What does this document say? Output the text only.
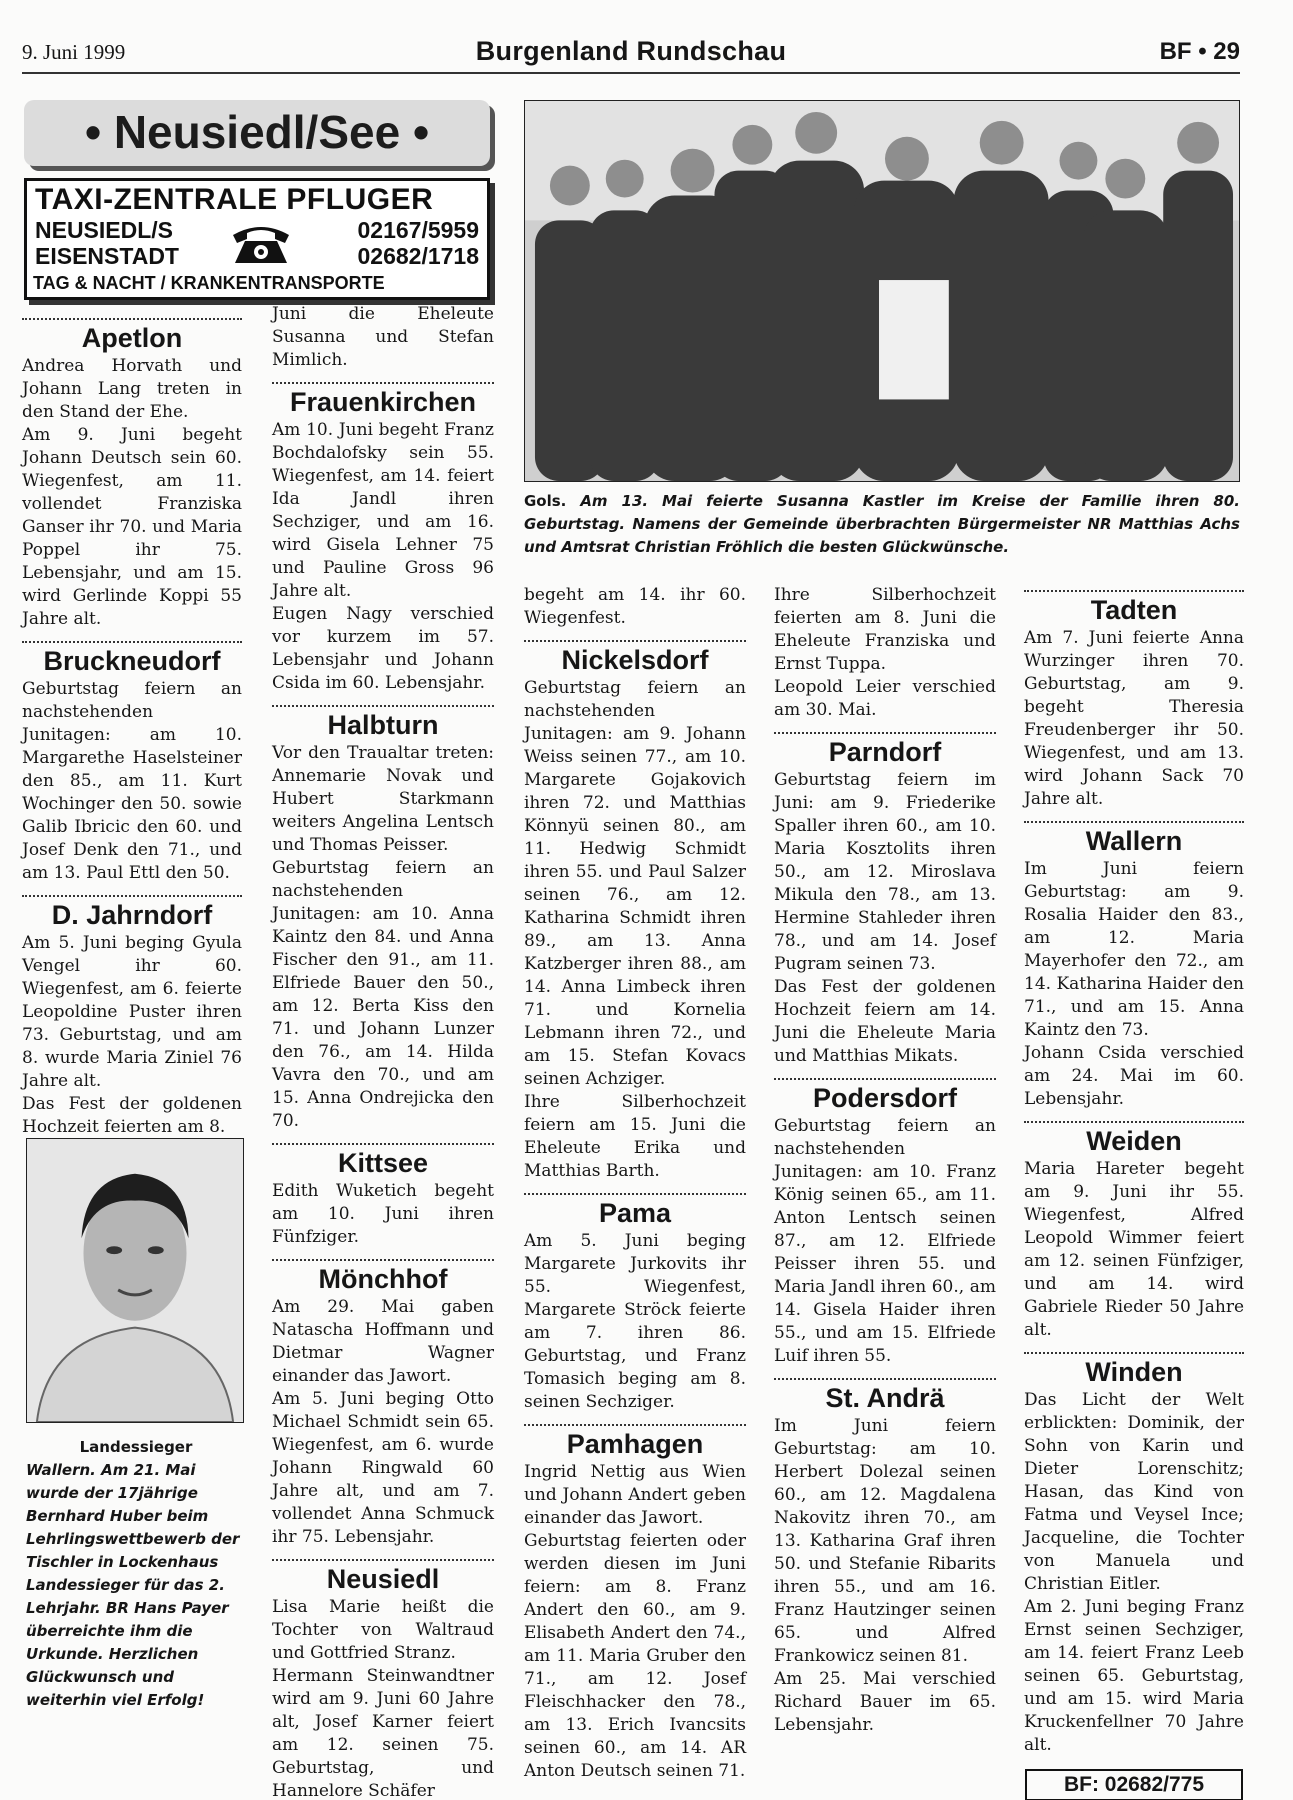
9. Juni 1999	Burgenland Rundschau	BF • 29
• Neusiedl/See •
TAXI-ZENTRALE PFLUGER
NEUSIEDL/S	02167/5959
EISENSTADT	02682/1718
TAG & NACHT / KRANKENTRANSPORTE

Gols. Am 13. Mai feierte Susanna Kastler im Kreise der Familie ihren 80. Geburtstag. Namens der Gemeinde überbrachten Bürgermeister NR Matthias Achs und Amtsrat Christian Fröhlich die besten Glückwünsche.

Landessieger
Wallern. Am 21. Mai wurde der 17jährige Bernhard Huber beim Lehrlingswettbewerb der Tischler in Lockenhaus Landessieger für das 2. Lehrjahr. BR Hans Payer überreichte ihm die Urkunde. Herzlichen Glückwunsch und weiterhin viel Erfolg!
Apetlon

Andrea Horvath und Johann Lang treten in den Stand der Ehe.

Am 9. Juni begeht Johann Deutsch sein 60. Wiegenfest, am 11. vollendet Franziska Ganser ihr 70. und Maria Poppel ihr 75. Lebensjahr, und am 15. wird Gerlinde Koppi 55 Jahre alt.

Bruckneudorf

Geburtstag feiern an nachstehenden Junitagen: am 10. Margarethe Haselsteiner den 85., am 11. Kurt Wochinger den 50. sowie Galib Ibricic den 60. und Josef Denk den 71., und am 13. Paul Ettl den 50.

D. Jahrndorf

Am 5. Juni beging Gyula Vengel ihr 60. Wiegenfest, am 6. feierte Leopoldine Puster ihren 73. Geburtstag, und am 8. wurde Maria Ziniel 76 Jahre alt.

Das Fest der goldenen Hochzeit feierten am 8.

Juni die Eheleute Susanna und Stefan Mimlich.

Frauenkirchen

Am 10. Juni begeht Franz Bochdalofsky sein 55. Wiegenfest, am 14. feiert Ida Jandl ihren Sechziger, und am 16. wird Gisela Lehner 75 und Pauline Gross 96 Jahre alt.

Eugen Nagy verschied vor kurzem im 57. Lebensjahr und Johann Csida im 60. Lebensjahr.

Halbturn

Vor den Traualtar treten: Annemarie Novak und Hubert Starkmann weiters Angelina Lentsch und Thomas Peisser.

Geburtstag feiern an nachstehenden Junitagen: am 10. Anna Kaintz den 84. und Anna Fischer den 91., am 11. Elfriede Bauer den 50., am 12. Berta Kiss den 71. und Johann Lunzer den 76., am 14. Hilda Vavra den 70., und am 15. Anna Ondrejicka den 70.

Kittsee

Edith Wuketich begeht am 10. Juni ihren Fünfziger.

Mönchhof

Am 29. Mai gaben Natascha Hoffmann und Dietmar Wagner einander das Jawort.

Am 5. Juni beging Otto Michael Schmidt sein 65. Wiegenfest, am 6. wurde Johann Ringwald 60 Jahre alt, und am 7. vollendet Anna Schmuck ihr 75. Lebensjahr.

Neusiedl

Lisa Marie heißt die Tochter von Waltraud und Gottfried Stranz.

Hermann Steinwandtner wird am 9. Juni 60 Jahre alt, Josef Karner feiert am 12. seinen 75. Geburtstag, und Hannelore Schäfer

begeht am 14. ihr 60. Wiegenfest.

Nickelsdorf

Geburtstag feiern an nachstehenden Junitagen: am 9. Johann Weiss seinen 77., am 10. Margarete Gojakovich ihren 72. und Matthias Könnyü seinen 80., am 11. Hedwig Schmidt ihren 55. und Paul Salzer seinen 76., am 12. Katharina Schmidt ihren 89., am 13. Anna Katzberger ihren 88., am 14. Anna Limbeck ihren 71. und Kornelia Lebmann ihren 72., und am 15. Stefan Kovacs seinen Achziger.

Ihre Silberhochzeit feiern am 15. Juni die Eheleute Erika und Matthias Barth.

Pama

Am 5. Juni beging Margarete Jurkovits ihr 55. Wiegenfest, Margarete Ströck feierte am 7. ihren 86. Geburtstag, und Franz Tomasich beging am 8. seinen Sechziger.

Pamhagen

Ingrid Nettig aus Wien und Johann Andert geben einander das Jawort.

Geburtstag feierten oder werden diesen im Juni feiern: am 8. Franz Andert den 60., am 9. Elisabeth Andert den 74., am 11. Maria Gruber den 71., am 12. Josef Fleischhacker den 78., am 13. Erich Ivancsits seinen 60., am 14. AR Anton Deutsch seinen 71.

Ihre Silberhochzeit feierten am 8. Juni die Eheleute Franziska und Ernst Tuppa.

Leopold Leier verschied am 30. Mai.

Parndorf

Geburtstag feiern im Juni: am 9. Friederike Spaller ihren 60., am 10. Maria Kosztolits ihren 50., am 12. Miroslava Mikula den 78., am 13. Hermine Stahleder ihren 78., und am 14. Josef Pugram seinen 73.

Das Fest der goldenen Hochzeit feiern am 14. Juni die Eheleute Maria und Matthias Mikats.

Podersdorf

Geburtstag feiern an nachstehenden Junitagen: am 10. Franz König seinen 65., am 11. Anton Lentsch seinen 87., am 12. Elfriede Peisser ihren 55. und Maria Jandl ihren 60., am 14. Gisela Haider ihren 55., und am 15. Elfriede Luif ihren 55.

St. Andrä

Im Juni feiern Geburtstag: am 10. Herbert Dolezal seinen 60., am 12. Magdalena Nakovitz ihren 70., am 13. Katharina Graf ihren 50. und Stefanie Ribarits ihren 55., und am 16. Franz Hautzinger seinen 65. und Alfred Frankowicz seinen 81.

Am 25. Mai verschied Richard Bauer im 65. Lebensjahr.

Tadten

Am 7. Juni feierte Anna Wurzinger ihren 70. Geburtstag, am 9. begeht Theresia Freudenberger ihr 50. Wiegenfest, und am 13. wird Johann Sack 70 Jahre alt.

Wallern

Im Juni feiern Geburtstag: am 9. Rosalia Haider den 83., am 12. Maria Mayerhofer den 72., am 14. Katharina Haider den 71., und am 15. Anna Kaintz den 73.

Johann Csida verschied am 24. Mai im 60. Lebensjahr.

Weiden

Maria Hareter begeht am 9. Juni ihr 55. Wiegenfest, Alfred Leopold Wimmer feiert am 12. seinen Fünfziger, und am 14. wird Gabriele Rieder 50 Jahre alt.

Winden

Das Licht der Welt erblickten: Dominik, der Sohn von Karin und Dieter Lorenschitz; Hasan, das Kind von Fatma und Veysel Ince; Jacqueline, die Tochter von Manuela und Christian Eitler.

Am 2. Juni beging Franz Ernst seinen Sechziger, am 14. feiert Franz Leeb seinen 65. Geburtstag, und am 15. wird Maria Kruckenfellner 70 Jahre alt.

BF: 02682/775
